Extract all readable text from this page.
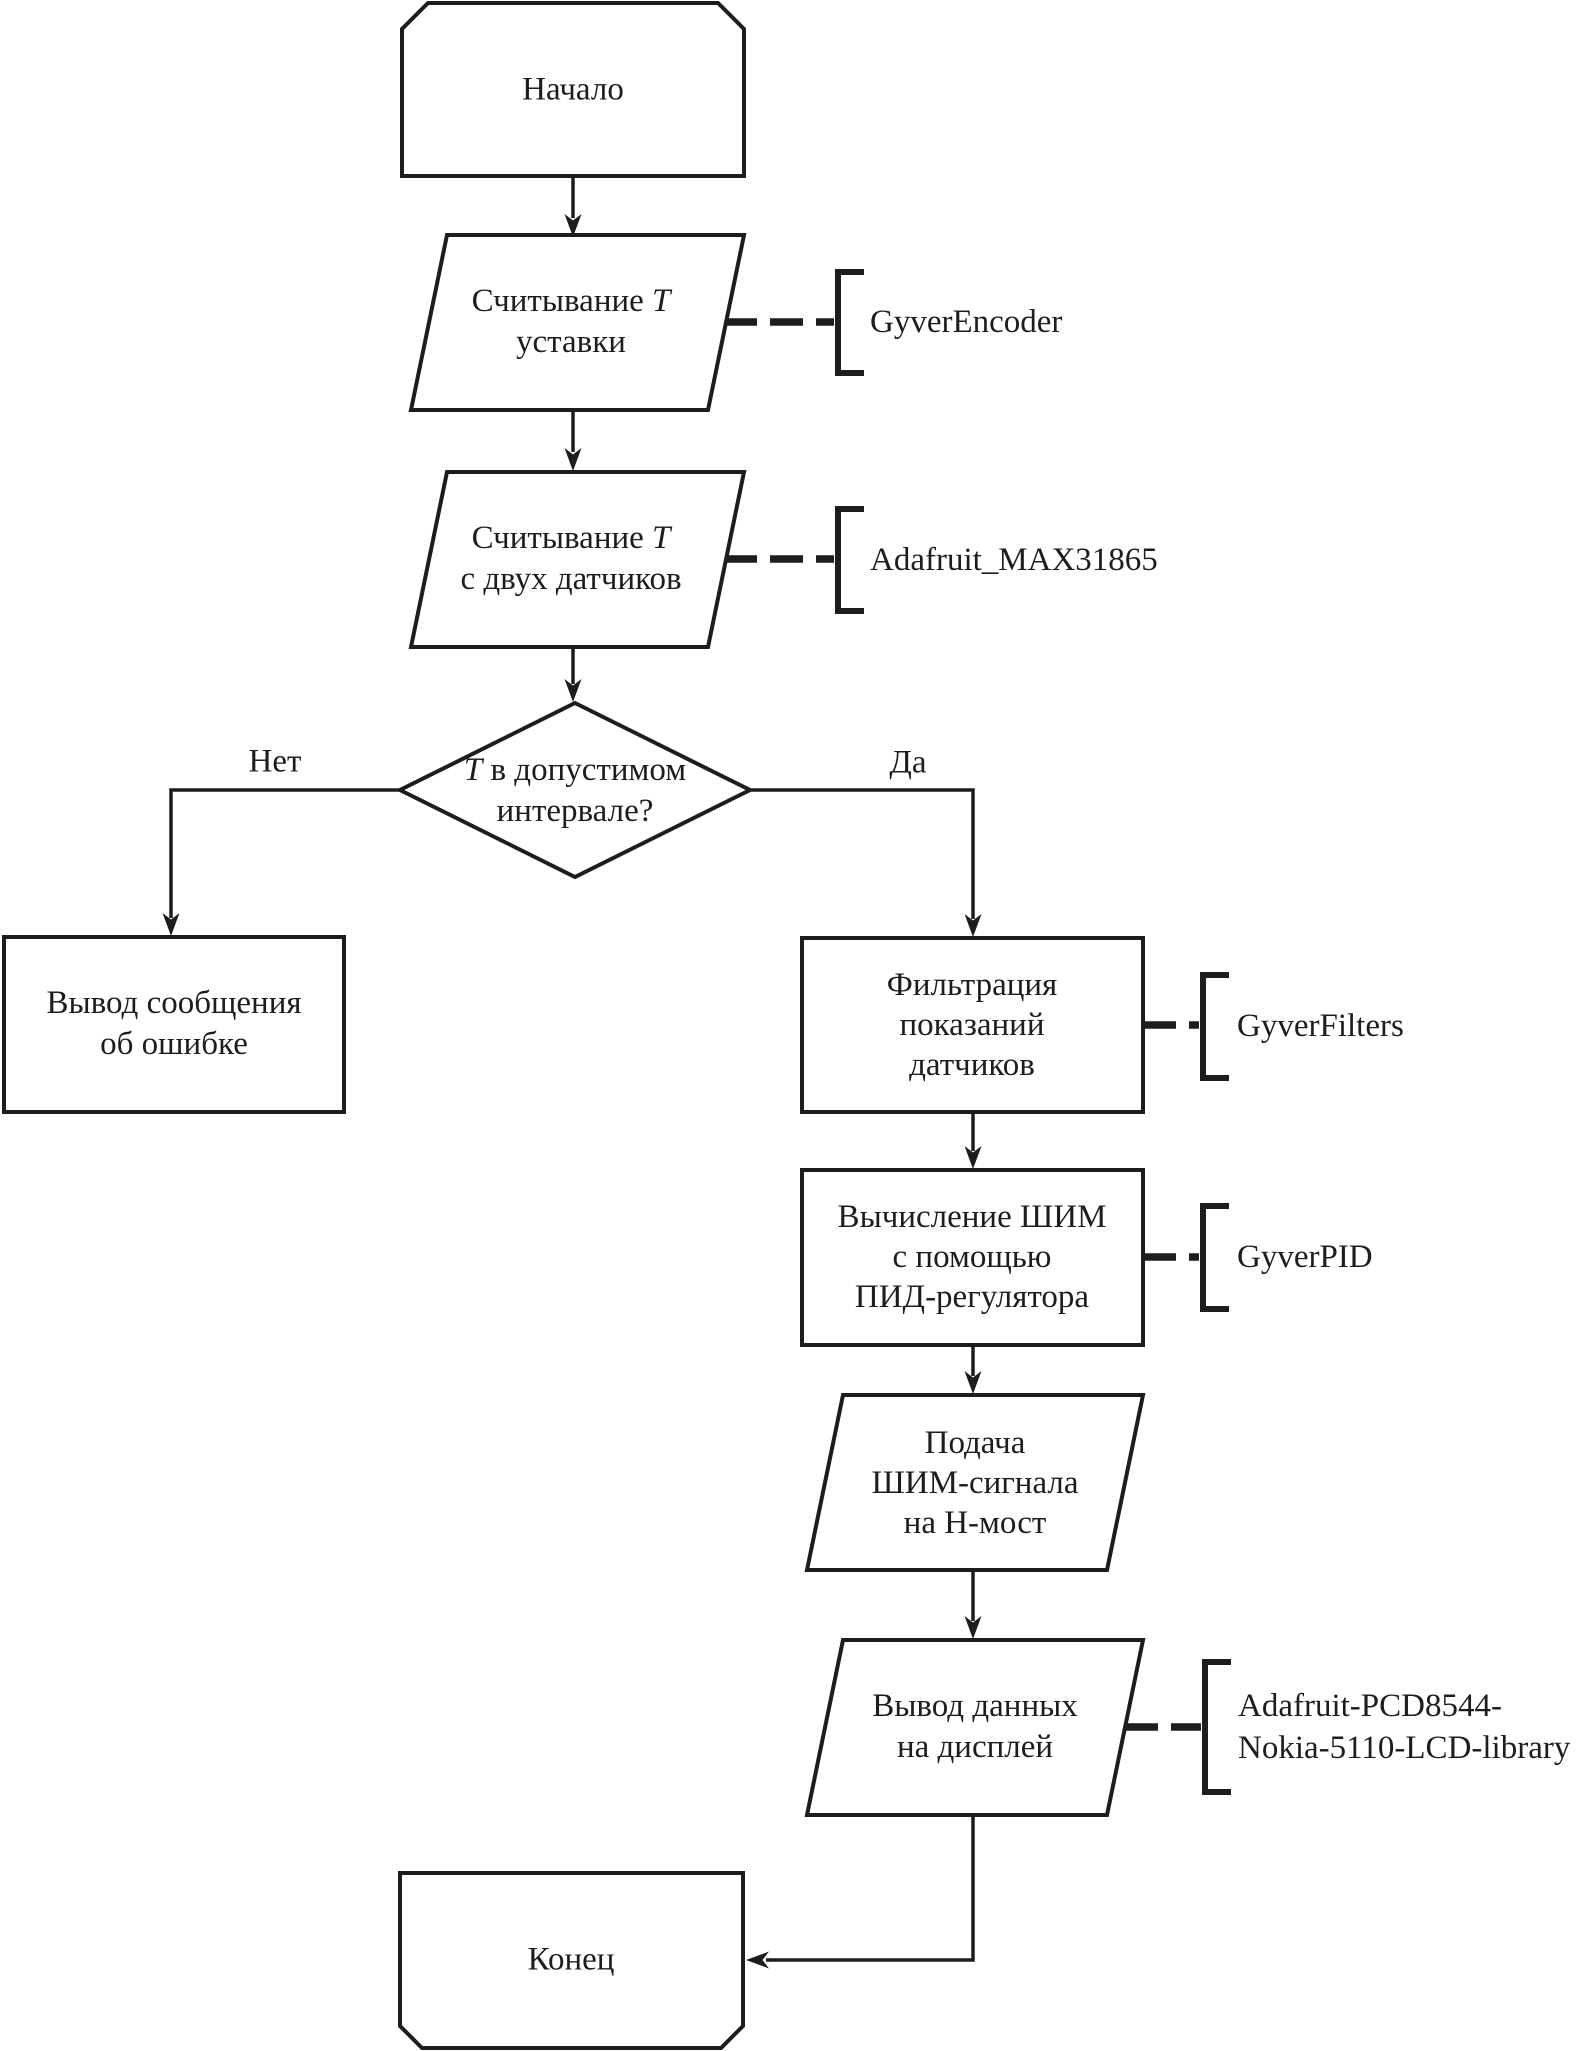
Начало
Считывание T
уставки
Считывание T
с двух датчиков
T в допустимом
интервале?
Нет	Да
Вывод сообщения
об ошибке
Фильтрация
показаний
датчиков
Вычисление ШИМ
с помощью
ПИД-регулятора
Подача
ШИМ-сигнала
на Н-мост
Вывод данных
на дисплей
Конец
GyverEncoder
Adafruit_MAX31865
GyverFilters
GyverPID
Adafruit-PCD8544-
Nokia-5110-LCD-library
